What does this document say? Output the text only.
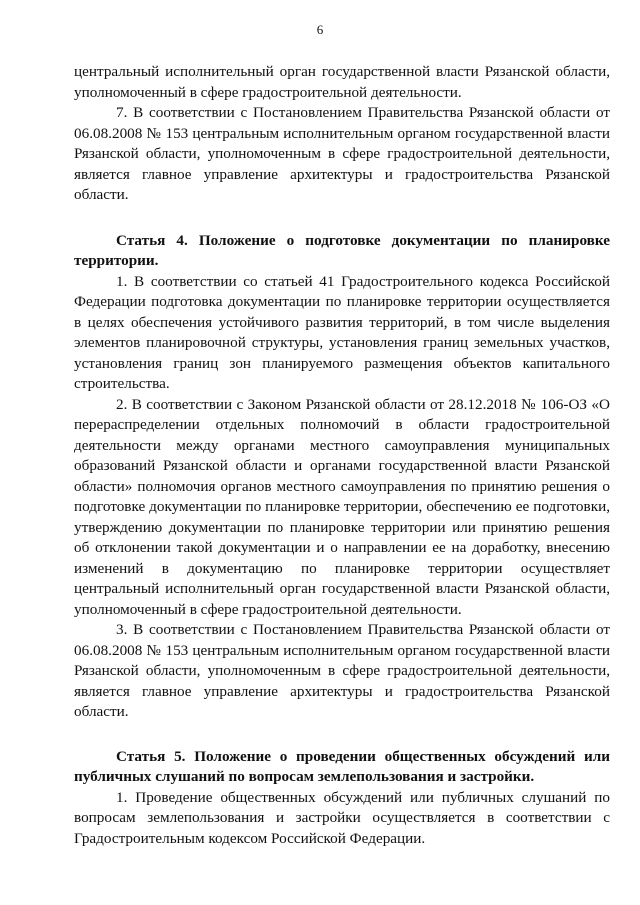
6

центральный исполнительный орган государственной власти Рязанской области, уполномоченный в сфере градостроительной деятельности.

7. В соответствии с Постановлением Правительства Рязанской области от 06.08.2008 № 153 центральным исполнительным органом государственной власти Рязанской области, уполномоченным в сфере градостроительной деятельности, является главное управление архитектуры и градостроительства Рязанской области.

Статья 4. Положение о подготовке документации по планировке территории.

1. В соответствии со статьей 41 Градостроительного кодекса Российской Федерации подготовка документации по планировке территории осуществляется в целях обеспечения устойчивого развития территорий, в том числе выделения элементов планировочной структуры, установления границ земельных участков, установления границ зон планируемого размещения объектов капитального строительства.

2. В соответствии с Законом Рязанской области от 28.12.2018 № 106-ОЗ «О перераспределении отдельных полномочий в области градостроительной деятельности между органами местного самоуправления муниципальных образований Рязанской области и органами государственной власти Рязанской области» полномочия органов местного самоуправления по принятию решения о подготовке документации по планировке территории, обеспечению ее подготовки, утверждению документации по планировке территории или принятию решения об отклонении такой документации и о направлении ее на доработку, внесению изменений в документацию по планировке территории осуществляет центральный исполнительный орган государственной власти Рязанской области, уполномоченный в сфере градостроительной деятельности.

3. В соответствии с Постановлением Правительства Рязанской области от 06.08.2008 № 153 центральным исполнительным органом государственной власти Рязанской области, уполномоченным в сфере градостроительной деятельности, является главное управление архитектуры и градостроительства Рязанской области.

Статья 5. Положение о проведении общественных обсуждений или публичных слушаний по вопросам землепользования и застройки.

1. Проведение общественных обсуждений или публичных слушаний по вопросам землепользования и застройки осуществляется в соответствии с Градостроительным кодексом Российской Федерации.
